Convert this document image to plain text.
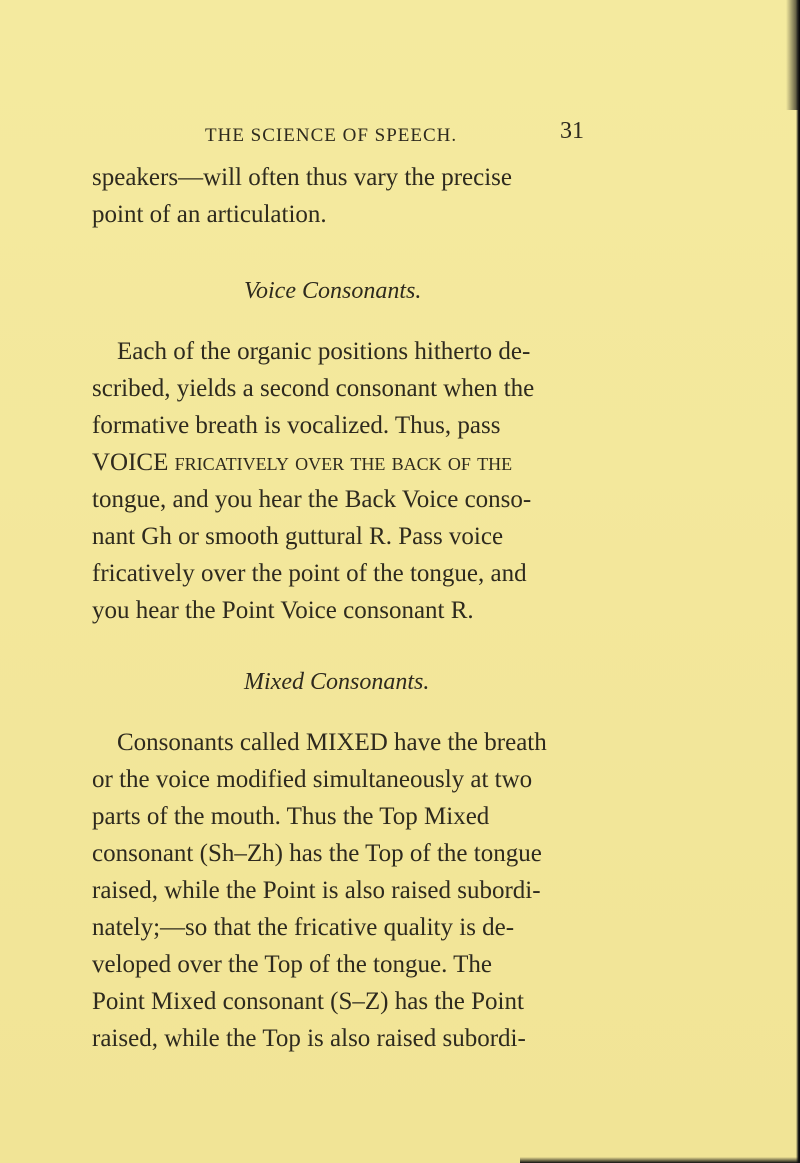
THE SCIENCE OF SPEECH.	31
speakers—will often thus vary the precise
point of an articulation.
Voice Consonants.
Each of the organic positions hitherto de-
scribed, yields a second consonant when the
formative breath is vocalized. Thus, pass
VOICE fricatively over the back of the
tongue, and you hear the Back Voice conso-
nant Gh or smooth guttural R. Pass voice
fricatively over the point of the tongue, and
you hear the Point Voice consonant R.
Mixed Consonants.
Consonants called MIXED have the breath
or the voice modified simultaneously at two
parts of the mouth. Thus the Top Mixed
consonant (Sh–Zh) has the Top of the tongue
raised, while the Point is also raised subordi-
nately;—so that the fricative quality is de-
veloped over the Top of the tongue. The
Point Mixed consonant (S–Z) has the Point
raised, while the Top is also raised subordi-
